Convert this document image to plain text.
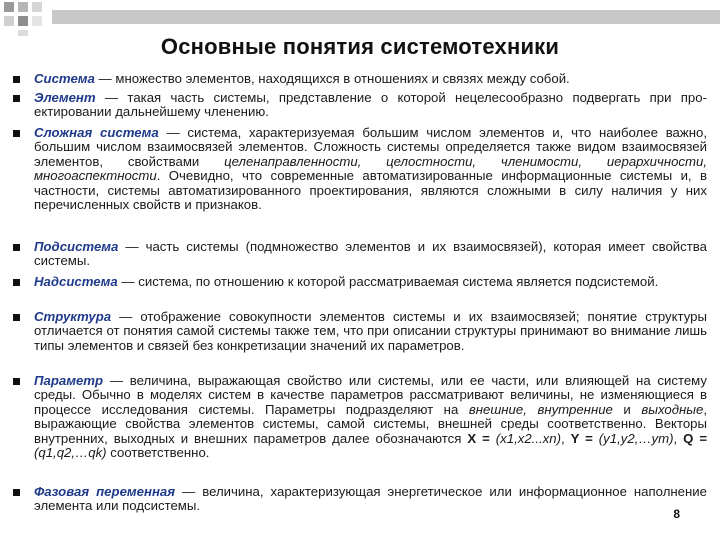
Основные понятия системотехники
Система — множество элементов, находящихся в отношениях и связях между собой.
Элемент — такая часть системы, представление о которой нецелесообразно подвергать при про-ектировании дальнейшему членению.
Сложная система — система, характеризуемая большим числом элементов и, что наиболее важно, большим числом взаимосвязей элементов. Сложность системы определяется также видом взаимосвязей элементов, свойствами целенаправленности, целостности, членимости, иерархичности, многоаспектности. Очевидно, что современные автоматизированные информационные системы и, в частности, системы автоматизированного проектирования, являются сложными в силу наличия у них перечисленных свойств и признаков.
Подсистема — часть системы (подмножество элементов и их взаимосвязей), которая имеет свойства системы.
Надсистема — система, по отношению к которой рассматриваемая система является подсистемой.
Структура — отображение совокупности элементов системы и их взаимосвязей; понятие структуры отличается от понятия самой системы также тем, что при описании структуры принимают во внимание лишь типы элементов и связей без конкретизации значений их параметров.
Параметр — величина, выражающая свойство или системы, или ее части, или влияющей на систему среды. Обычно в моделях систем в качестве параметров рассматривают величины, не изменяющиеся в процессе исследования системы. Параметры подразделяют на внешние, внутренние и выходные, выражающие свойства элементов системы, самой системы, внешней среды соответственно. Векторы внутренних, выходных и внешних параметров далее обозначаются X = (x1,x2...xn), Y = (y1,y2,…ym), Q = (q1,q2,…qk) соответственно.
Фазовая переменная — величина, характеризующая энергетическое или информационное наполнение элемента или подсистемы.
8
